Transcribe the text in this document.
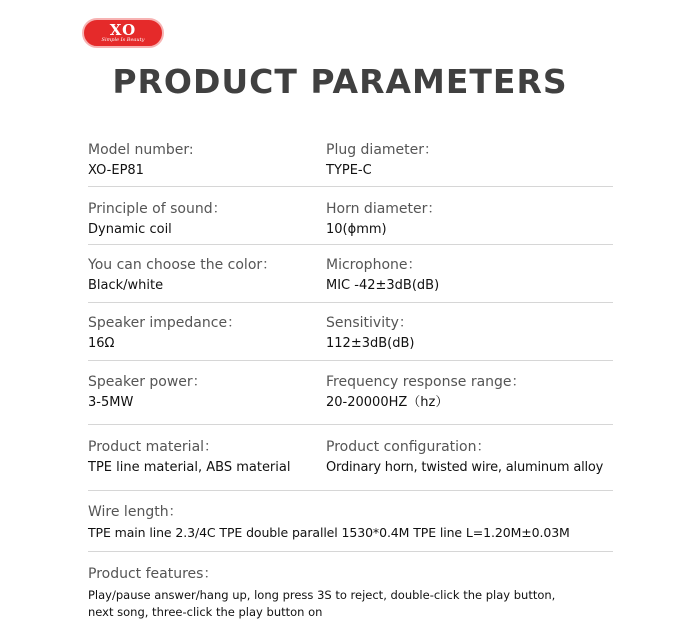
XO
Simple Is Beauty
PRODUCT PARAMETERS
Model number:
XO-EP81
Plug diameter：
TYPE-C
Principle of sound：
Dynamic coil
Horn diameter：
10(ϕmm)
You can choose the color：
Black/white
Microphone：
MIC -42±3dB(dB)
Speaker impedance：
16Ω
Sensitivity：
112±3dB(dB)
Speaker power：
3-5MW
Frequency response range：
20-20000HZ（hz）
Product material：
TPE line material, ABS material
Product configuration：
Ordinary horn, twisted wire, aluminum alloy
Wire length：
TPE main line 2.3/4C TPE double parallel 1530*0.4M TPE line L=1.20M±0.03M
Product features：
Play/pause answer/hang up, long press 3S to reject, double-click the play button,
next song, three-click the play button on
